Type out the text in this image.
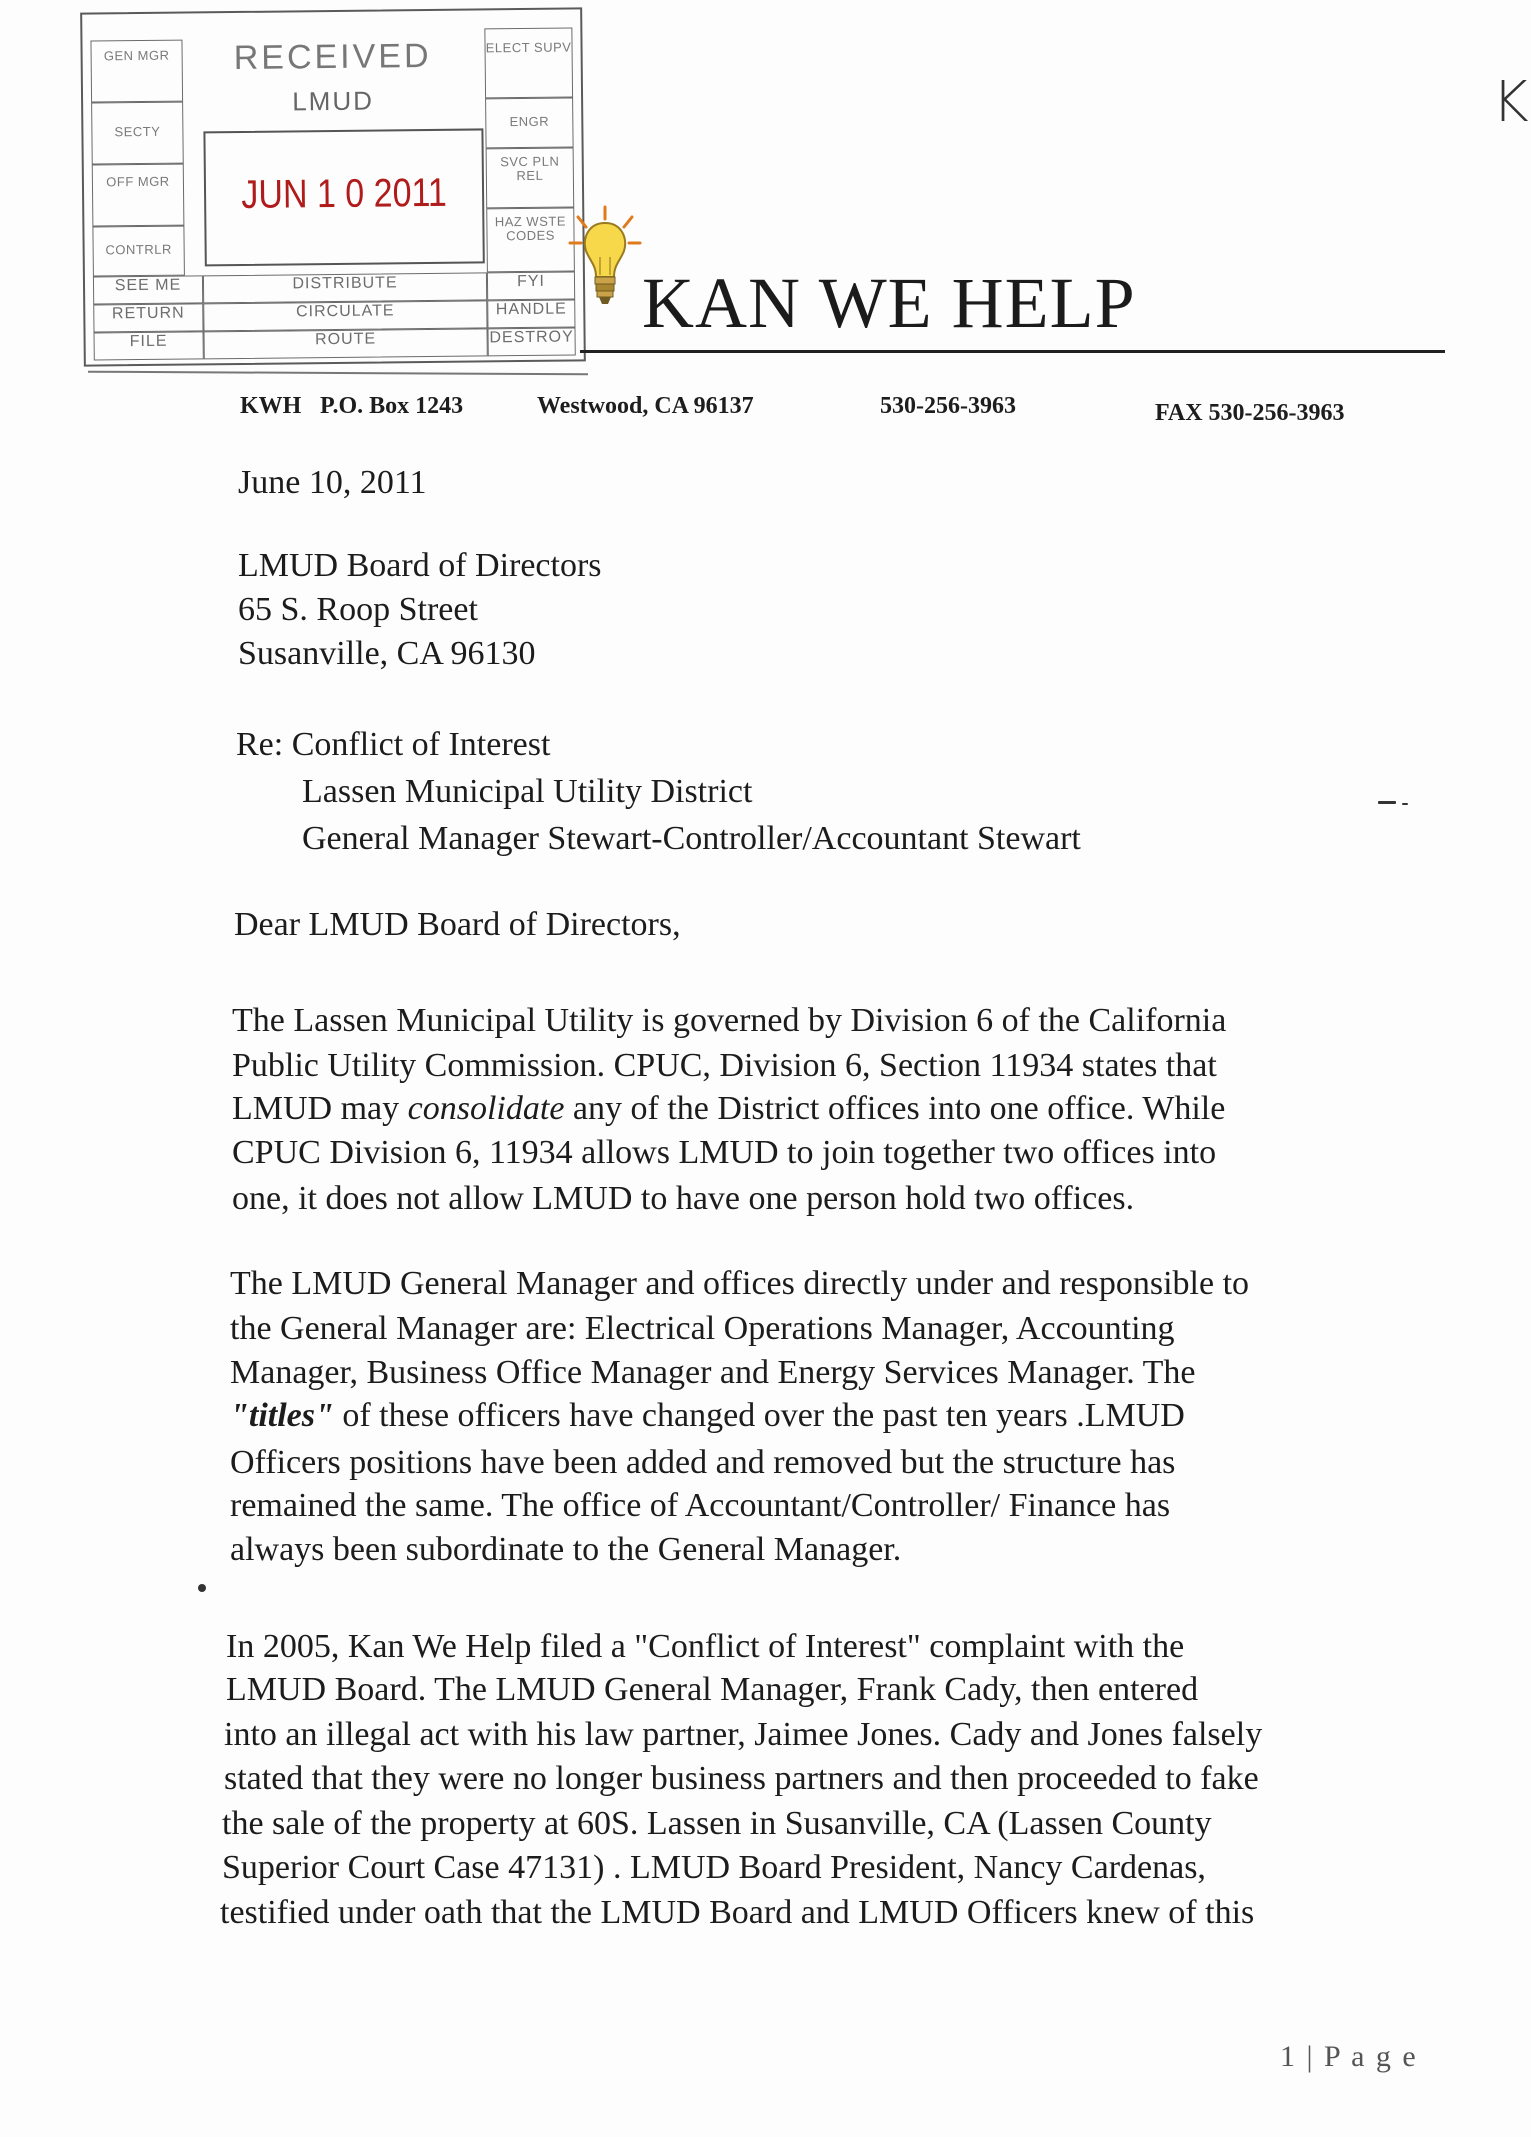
RECEIVED
LMUD
JUN 1 0 2011
GEN MGR
SECTY
OFF MGR
CONTRLR
ELECT SUPV
ENGR
SVC PLN REL
HAZ WSTE CODES
SEE ME	DISTRIBUTE	FYI
RETURN	CIRCULATE	HANDLE
FILE	ROUTE	DESTROY
K
KAN WE HELP
KWH P.O. Box 1243	Westwood, CA 96137	530-256-3963	FAX 530-256-3963
June 10, 2011
LMUD Board of Directors
65 S. Roop Street
Susanville, CA 96130
Re: Conflict of Interest
Lassen Municipal Utility District
General Manager Stewart-Controller/Accountant Stewart
Dear LMUD Board of Directors,
The Lassen Municipal Utility is governed by Division 6 of the California
Public Utility Commission. CPUC, Division 6, Section 11934 states that
LMUD may consolidate any of the District offices into one office. While
CPUC Division 6, 11934 allows LMUD to join together two offices into
one, it does not allow LMUD to have one person hold two offices.
The LMUD General Manager and offices directly under and responsible to
the General Manager are: Electrical Operations Manager, Accounting
Manager, Business Office Manager and Energy Services Manager. The
"titles" of these officers have changed over the past ten years .LMUD
Officers positions have been added and removed but the structure has
remained the same. The office of Accountant/Controller/ Finance has
always been subordinate to the General Manager.
In 2005, Kan We Help filed a "Conflict of Interest" complaint with the
LMUD Board. The LMUD General Manager, Frank Cady, then entered
into an illegal act with his law partner, Jaimee Jones. Cady and Jones falsely
stated that they were no longer business partners and then proceeded to fake
the sale of the property at 60S. Lassen in Susanville, CA (Lassen County
Superior Court Case 47131) . LMUD Board President, Nancy Cardenas,
testified under oath that the LMUD Board and LMUD Officers knew of this
1 | P a g e
